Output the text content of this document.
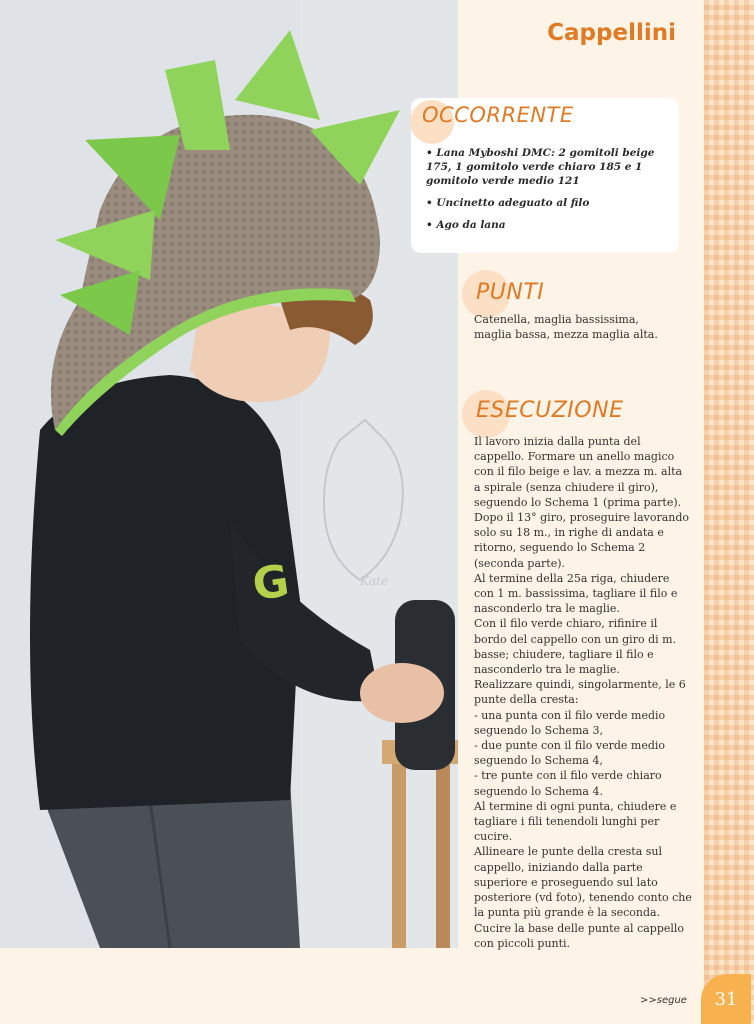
G	Kate
Cappellini
OCCORRENTE
• Lana Myboshi DMC: 2 gomitoli beige 175, 1 gomitolo verde chiaro 185 e 1 gomitolo verde medio 121
• Uncinetto adeguato al filo
• Ago da lana
PUNTI
Catenella, maglia bassissima, maglia bassa, mezza maglia alta.
ESECUZIONE
Il lavoro inizia dalla punta del cappello. Formare un anello magico con il filo beige e lav. a mezza m. alta a spirale (senza chiudere il giro), seguendo lo Schema 1 (prima parte). Dopo il 13° giro, proseguire lavorando solo su 18 m., in righe di andata e ritorno, seguendo lo Schema 2 (seconda parte).
Al termine della 25a riga, chiudere con 1 m. bassissima, tagliare il filo e nasconderlo tra le maglie.
Con il filo verde chiaro, rifinire il bordo del cappello con un giro di m. basse; chiudere, tagliare il filo e nasconderlo tra le maglie.
Realizzare quindi, singolarmente, le 6 punte della cresta:
- una punta con il filo verde medio seguendo lo Schema 3,
- due punte con il filo verde medio seguendo lo Schema 4,
- tre punte con il filo verde chiaro seguendo lo Schema 4.
Al termine di ogni punta, chiudere e tagliare i fili tenendoli lunghi per cucire.
Allineare le punte della cresta sul cappello, iniziando dalla parte superiore e proseguendo sul lato posteriore (vd foto), tenendo conto che la punta più grande è la seconda. Cucire la base delle punte al cappello con piccoli punti.
>>segue	31
